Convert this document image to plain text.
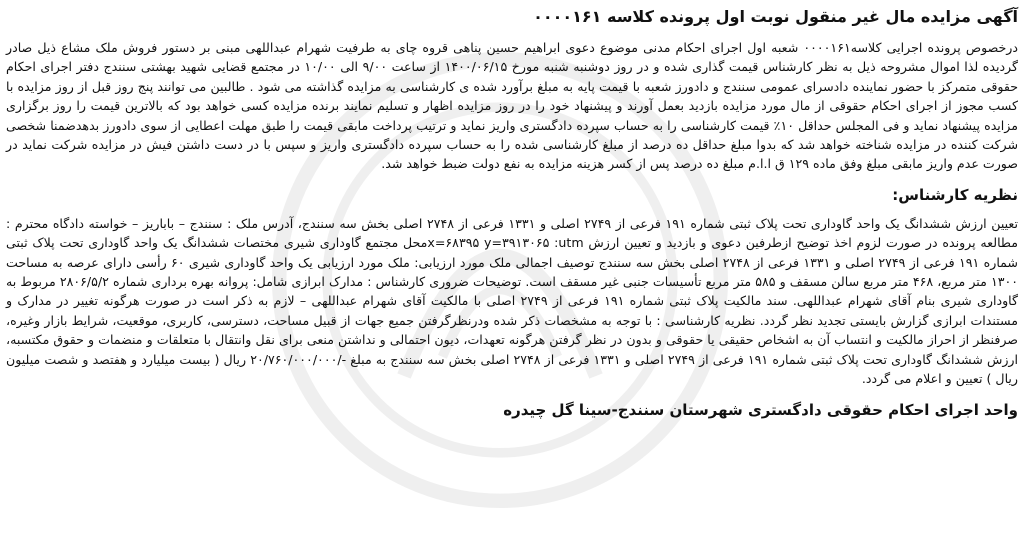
آگهی مزایده مال غیر منقول نوبت اول پرونده کلاسه ۰۰۰۰۱۶۱

درخصوص پرونده اجرایی کلاسه۰۰۰۰۱۶۱ شعبه اول اجرای احکام مدنی موضوع دعوی ابراهیم حسین پناهی قروه چای به طرفیت شهرام عبداللهی مبنی بر دستور فروش ملک مشاع ذیل صادر گردیده لذا اموال مشروحه ذیل به نظر کارشناس قیمت گذاری شده و در روز دوشنبه شنبه مورخ ۱۴۰۰/۰۶/۱۵ از ساعت ۹/۰۰ الی ۱۰/۰۰ در مجتمع قضایی شهید بهشتی سنندج دفتر اجرای احکام حقوقی متمرکز با حضور نماینده دادسرای عمومی سنندج و دادورز شعبه با قیمت پایه به مبلغ برآورد شده ی کارشناسی به مزایده گذاشته می شود . طالبین می توانند پنج روز قبل از روز مزایده با کسب مجوز از اجرای احکام حقوقی از مال مورد مزایده بازدید بعمل آورند و پیشنهاد خود را در روز مزایده اظهار و تسلیم نمایند برنده مزایده کسی خواهد بود که بالاترین قیمت را روز برگزاری مزایده پیشنهاد نماید و فی المجلس حداقل ۱۰٪ قیمت کارشناسی را به حساب سپرده دادگستری واریز نماید و ترتیب پرداخت مابقی قیمت را طبق مهلت اعطایی از سوی دادورز بدهدضمنا شخصی شرکت کننده در مزایده شناخته خواهد شد که بدوا مبلغ حداقل ده درصد از مبلغ کارشناسی شده را به حساب سپرده دادگستری واریز و سپس با در دست داشتن فیش در مزایده شرکت نماید در صورت عدم واریز مابقی مبلغ وفق ماده ۱۲۹ ق ا.ا.م مبلغ ده درصد پس از کسر هزینه مزایده به نفع دولت ضبط خواهد شد.

نظریه کارشناس:

تعیین ارزش ششدانگ یک واحد گاوداری تحت پلاک ثبتی شماره ۱۹۱ فرعی از ۲۷۴۹ اصلی و ۱۳۳۱ فرعی از ۲۷۴۸ اصلی بخش سه سنندج، آدرس ملک : سنندج – باباریز – خواسته دادگاه محترم : مطالعه پرونده در صورت لزوم اخذ توضیح ازطرفین دعوی و بازدید و تعیین ارزش x=۶۸۳۹۵ y=۳۹۱۳۰۶۵ :utmمحل مجتمع گاوداری شیری مختصات ششدانگ یک واحد گاوداری تحت پلاک ثبتی شماره ۱۹۱ فرعی از ۲۷۴۹ اصلی و ۱۳۳۱ فرعی از ۲۷۴۸ اصلی بخش سه سنندج توصیف اجمالی ملک مورد ارزیابی: ملک مورد ارزیابی یک واحد گاوداری شیری ۶۰ رأسی دارای عرصه به مساحت ۱۳۰۰ متر مربع، ۴۶۸ متر مربع سالن مسقف و ۵۸۵ متر مربع تأسیسات جنبی غیر مسقف است. توضیحات ضروری کارشناس : مدارک ابرازی شامل: پروانه بهره برداری شماره ۲۸۰۶/۵/۲ مربوط به گاوداری شیری بنام آقای شهرام عبداللهی. سند مالکیت پلاک ثبتی شماره ۱۹۱ فرعی از ۲۷۴۹ اصلی با مالکیت آقای شهرام عبداللهی – لازم به ذکر است در صورت هرگونه تغییر در مدارک و مستندات ابرازی گزارش بایستی تجدید نظر گردد. نظریه کارشناسی : با توجه به مشخصات ذکر شده ودرنظرگرفتن جمیع جهات از قبیل مساحت، دسترسی، کاربری، موقعیت، شرایط بازار وغیره، صرفنظر از احراز مالکیت و انتساب آن به اشخاص حقیقی یا حقوقی و بدون در نظر گرفتن هرگونه تعهدات، دیون احتمالی و نداشتن منعی برای نقل وانتقال با متعلقات و منضمات و حقوق مکتسبه، ارزش ششدانگ گاوداری تحت پلاک ثبتی شماره ۱۹۱ فرعی از ۲۷۴۹ اصلی و ۱۳۳۱ فرعی از ۲۷۴۸ اصلی بخش سه سنندج به مبلغ -/۲۰/۷۶۰/۰۰۰/۰۰۰ ریال ( بیست میلیارد و هفتصد و شصت میلیون ریال ) تعیین و اعلام می گردد.

واحد اجرای احکام حقوقی دادگستری شهرستان سنندج-سینا گل چیدره
